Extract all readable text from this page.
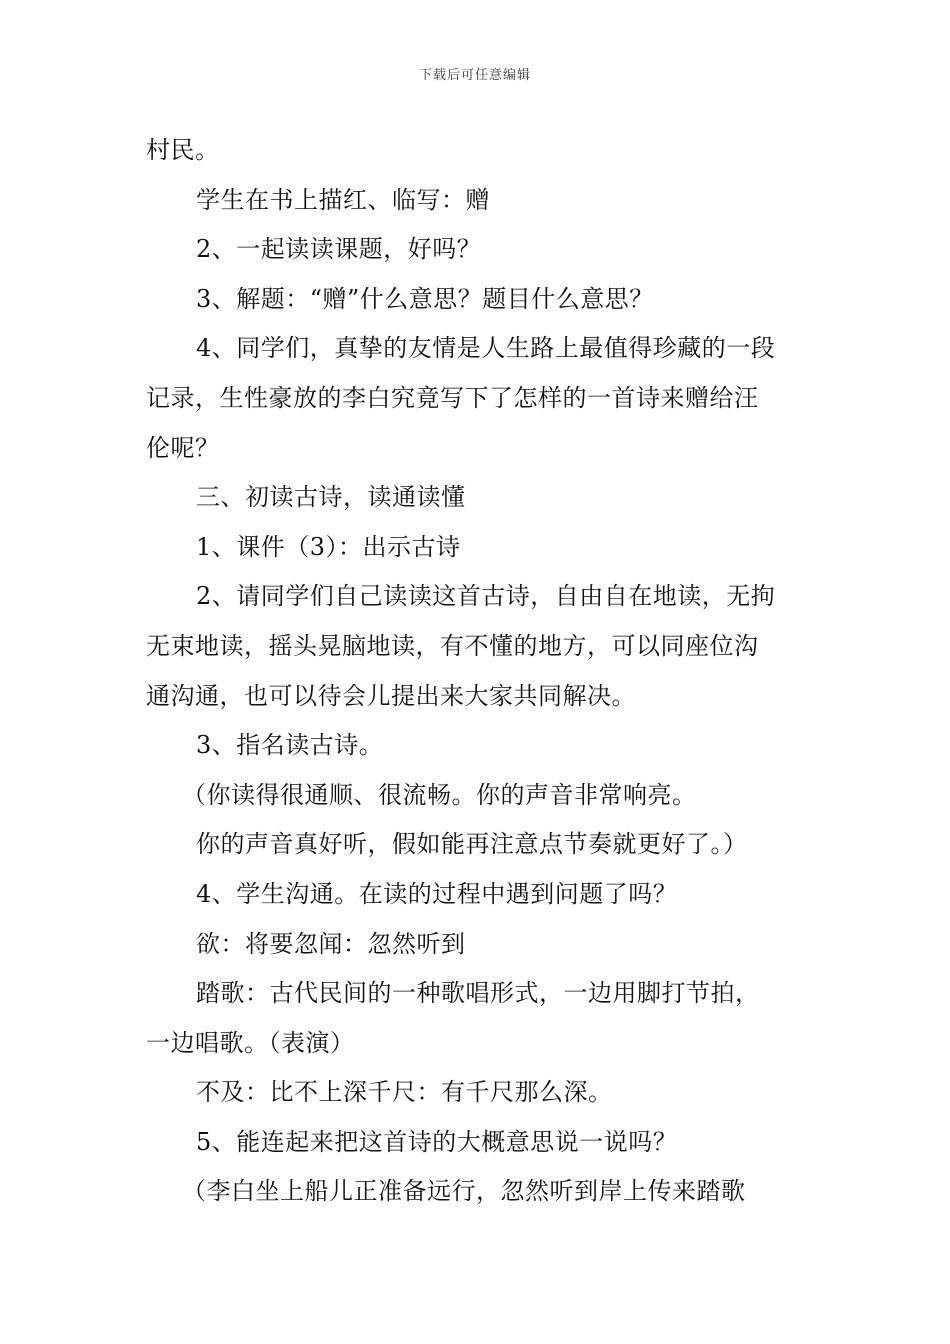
下载后可任意编辑
村民。
学生在书上描红、临写：赠
2、一起读读课题，好吗？
3、解题：“赠”什么意思？题目什么意思？
4、同学们，真挚的友情是人生路上最值得珍藏的一段
记录，生性豪放的李白究竟写下了怎样的一首诗来赠给汪
伦呢？
三、初读古诗，读通读懂
1、课件（3）：出示古诗
2、请同学们自己读读这首古诗，自由自在地读，无拘
无束地读，摇头晃脑地读，有不懂的地方，可以同座位沟
通沟通，也可以待会儿提出来大家共同解决。
3、指名读古诗。
（你读得很通顺、很流畅。你的声音非常响亮。
你的声音真好听，假如能再注意点节奏就更好了。）
4、学生沟通。在读的过程中遇到问题了吗？
欲：将要忽闻：忽然听到
踏歌：古代民间的一种歌唱形式，一边用脚打节拍，
一边唱歌。（表演）
不及：比不上深千尺：有千尺那么深。
5、能连起来把这首诗的大概意思说一说吗？
（李白坐上船儿正准备远行，忽然听到岸上传来踏歌
